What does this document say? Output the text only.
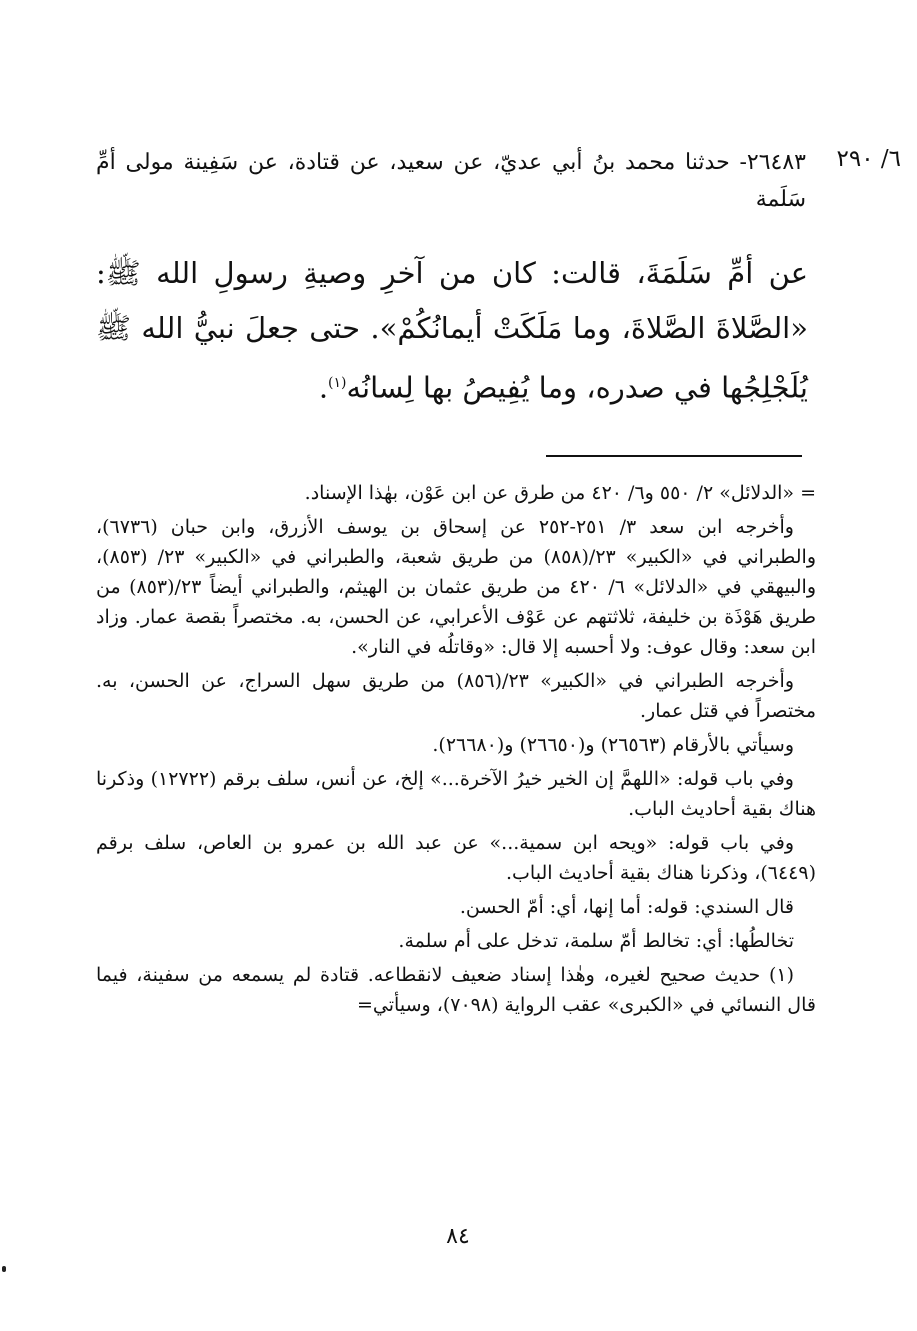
٦/ ٢٩٠

٢٦٤٨٣- حدثنا محمد بنُ أبي عديّ، عن سعيد، عن قتادة، عن سَفِينة مولى أمِّ سَلَمة

عن أمِّ سَلَمَةَ، قالت: كان من آخرِ وصيةِ رسولِ الله ﷺ: «الصَّلاةَ الصَّلاةَ، وما مَلَكَتْ أيمانُكُمْ». حتى جعلَ نبيُّ الله ﷺ يُلَجْلِجُها في صدره، وما يُفِيصُ بها لِسانُه$^{(١)}$.

= «الدلائل» ٢/ ٥٥٠ و٦/ ٤٢٠ من طرق عن ابن عَوْن، بهٰذا الإسناد.

وأخرجه ابن سعد ٣/ ٢٥١-٢٥٢ عن إسحاق بن يوسف الأزرق، وابن حبان (٦٧٣٦)، والطبراني في «الكبير» ٢٣/(٨٥٨) من طريق شعبة، والطبراني في «الكبير» ٢٣/ (٨٥٣)، والبيهقي في «الدلائل» ٦/ ٤٢٠ من طريق عثمان بن الهيثم، والطبراني أيضاً ٢٣/(٨٥٣) من طريق هَوْذَة بن خليفة، ثلاثتهم عن عَوْف الأعرابي، عن الحسن، به. مختصراً بقصة عمار. وزاد ابن سعد: وقال عوف: ولا أحسبه إلا قال: «وقاتلُه في النار».

وأخرجه الطبراني في «الكبير» ٢٣/(٨٥٦) من طريق سهل السراج، عن الحسن، به. مختصراً في قتل عمار.

وسيأتي بالأرقام (٢٦٥٦٣) و(٢٦٦٥٠) و(٢٦٦٨٠).

وفي باب قوله: «اللهمَّ إن الخير خيرُ الآخرة...» إلخ، عن أنس، سلف برقم (١٢٧٢٢) وذكرنا هناك بقية أحاديث الباب.

وفي باب قوله: «ويحه ابن سمية...» عن عبد الله بن عمرو بن العاص، سلف برقم (٦٤٤٩)، وذكرنا هناك بقية أحاديث الباب.

قال السندي: قوله: أما إنها، أي: أمّ الحسن.

تخالطُها: أي: تخالط أمّ سلمة، تدخل على أم سلمة.

(١) حديث صحيح لغيره، وهٰذا إسناد ضعيف لانقطاعه. قتادة لم يسمعه من سفينة، فيما قال النسائي في «الكبرى» عقب الرواية (٧٠٩٨)، وسيأتي=

٨٤
